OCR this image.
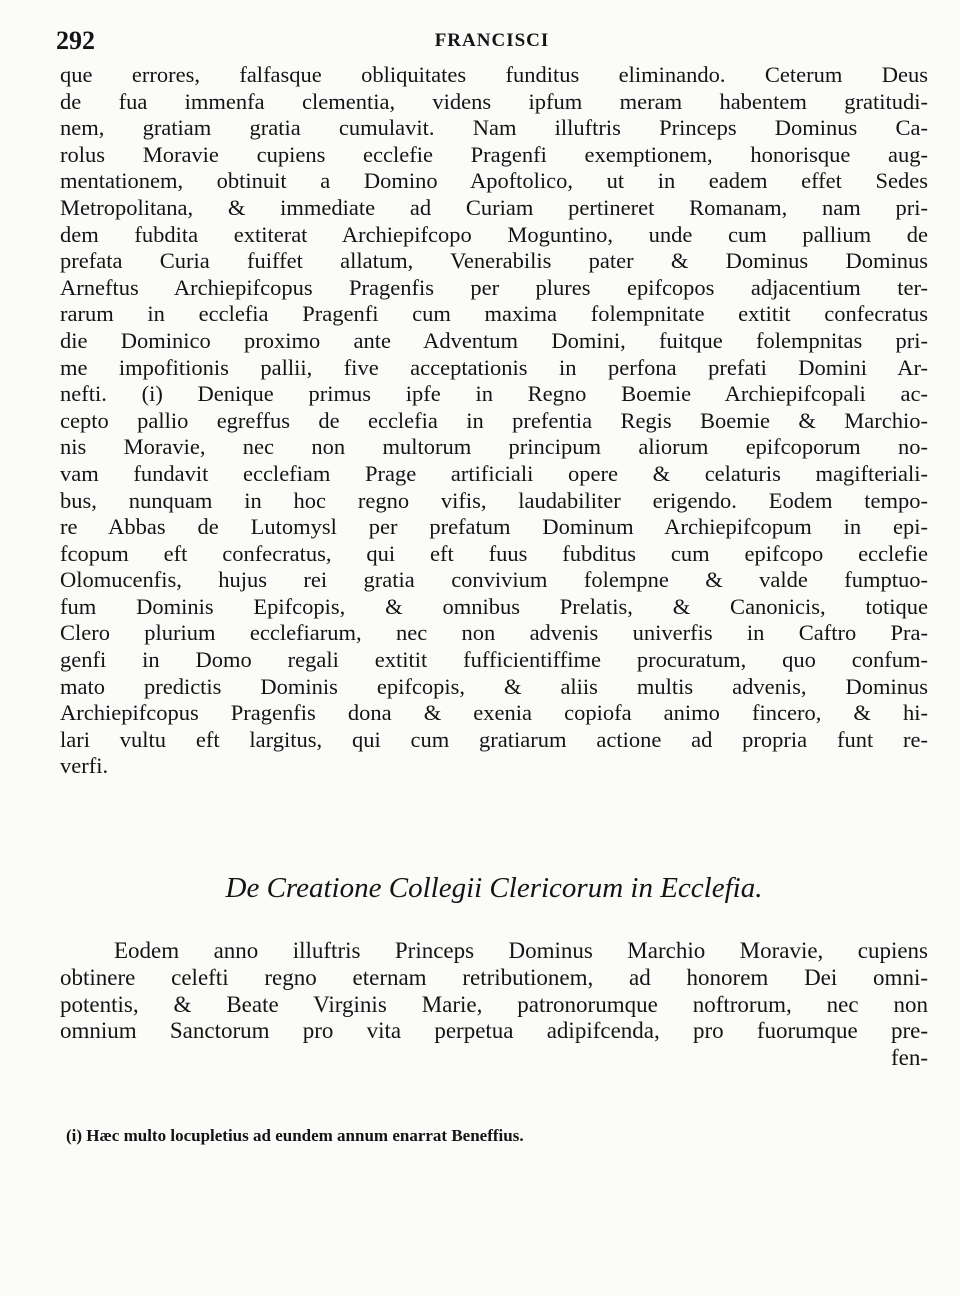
292	FRANCISCI
que errores, falfasque obliquitates funditus eliminando. Ceterum Deus
de fua immenfa clementia, videns ipfum meram habentem gratitudi-
nem, gratiam gratia cumulavit. Nam illuftris Princeps Dominus Ca-
rolus Moravie cupiens ecclefie Pragenfi exemptionem, honorisque aug-
mentationem, obtinuit a Domino Apoftolico, ut in eadem effet Sedes
Metropolitana, & immediate ad Curiam pertineret Romanam, nam pri-
dem fubdita extiterat Archiepifcopo Moguntino, unde cum pallium de
prefata Curia fuiffet allatum, Venerabilis pater & Dominus Dominus
Arneftus Archiepifcopus Pragenfis per plures epifcopos adjacentium ter-
rarum in ecclefia Pragenfi cum maxima folempnitate extitit confecratus
die Dominico proximo ante Adventum Domini, fuitque folempnitas pri-
me impofitionis pallii, five acceptationis in perfona prefati Domini Ar-
nefti. (i) Denique primus ipfe in Regno Boemie Archiepifcopali ac-
cepto pallio egreffus de ecclefia in prefentia Regis Boemie & Marchio-
nis Moravie, nec non multorum principum aliorum epifcoporum no-
vam fundavit ecclefiam Prage artificiali opere & celaturis magifteriali-
bus, nunquam in hoc regno vifis, laudabiliter erigendo. Eodem tempo-
re Abbas de Lutomysl per prefatum Dominum Archiepifcopum in epi-
fcopum eft confecratus, qui eft fuus fubditus cum epifcopo ecclefie
Olomucenfis, hujus rei gratia convivium folempne & valde fumptuo-
fum Dominis Epifcopis, & omnibus Prelatis, & Canonicis, totique
Clero plurium ecclefiarum, nec non advenis univerfis in Caftro Pra-
genfi in Domo regali extitit fufficientiffime procuratum, quo confum-
mato predictis Dominis epifcopis, & aliis multis advenis, Dominus
Archiepifcopus Pragenfis dona & exenia copiofa animo fincero, & hi-
lari vultu eft largitus, qui cum gratiarum actione ad propria funt re-
verfi.
De Creatione Collegii Clericorum in Ecclefia.
Eodem anno illuftris Princeps Dominus Marchio Moravie, cupiens
obtinere celefti regno eternam retributionem, ad honorem Dei omni-
potentis, & Beate Virginis Marie, patronorumque noftrorum, nec non
omnium Sanctorum pro vita perpetua adipifcenda, pro fuorumque pre-
fen-
(i) Hæc multo locupletius ad eundem annum enarrat Beneffius.
